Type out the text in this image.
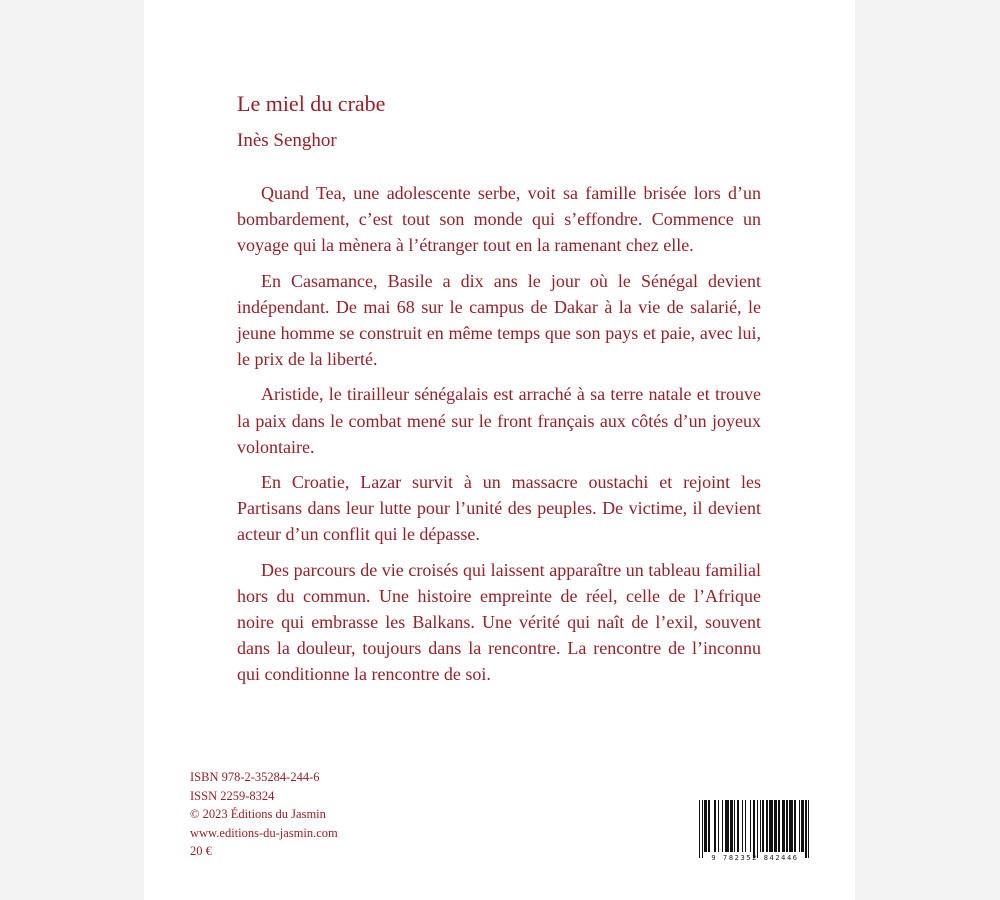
Le miel du crabe
Inès Senghor

Quand Tea, une adolescente serbe, voit sa famille brisée lors d’un bombardement, c’est tout son monde qui s’effondre. Commence un voyage qui la mènera à l’étranger tout en la ramenant chez elle.

En Casamance, Basile a dix ans le jour où le Sénégal devient indépendant. De mai 68 sur le campus de Dakar à la vie de salarié, le jeune homme se construit en même temps que son pays et paie, avec lui, le prix de la liberté.

Aristide, le tirailleur sénégalais est arraché à sa terre natale et trouve la paix dans le combat mené sur le front français aux côtés d’un joyeux volontaire.

En Croatie, Lazar survit à un massacre oustachi et rejoint les Partisans dans leur lutte pour l’unité des peuples. De victime, il devient acteur d’un conflit qui le dépasse.

Des parcours de vie croisés qui laissent apparaître un tableau familial hors du commun. Une histoire empreinte de réel, celle de l’Afrique noire qui embrasse les Balkans. Une vérité qui naît de l’exil, souvent dans la douleur, toujours dans la rencontre. La rencontre de l’inconnu qui conditionne la rencontre de soi.

ISBN 978-2-35284-244-6
ISSN 2259-8324
© 2023 Éditions du Jasmin
www.editions-du-jasmin.com
20 €	9 782352 842446
